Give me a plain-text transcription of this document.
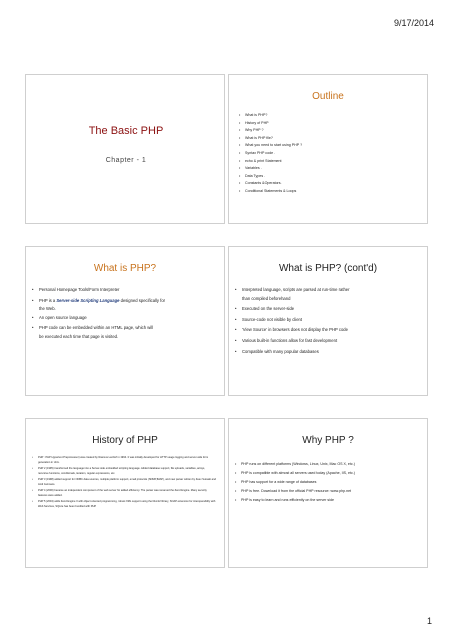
9/17/2014
The Basic PHP
Chapter - 1
Outline
• What is PHP?
• History of PHP
• Why PHP ?
• What is PHP file?
• What you need to start using PHP ?
• Syntax PHP code .
• echo & print Statement
• Variables .
• Data Types .
• Constants &Operators.
• Conditional Statements & Loops
What is PHP?
• Personal Homepage Tools/Form Interpreter
• PHP is a Server-side Scripting Language designed specifically for
the Web.
• An open source language
• PHP code can be embedded within an HTML page, which will
be executed each time that page is visited.
What is PHP? (cont'd)
• Interpreted language, scripts are parsed at run-time rather
than compiled beforehand
• Executed on the server-side
• Source-code not visible by client
• 'View Source' in browsers does not display the PHP code
• Various built-in functions allow for fast development
• Compatible with many popular databases
History of PHP
• PHP : PHP Hypertext Preprocessor) was created by Rasmus Lerdorf in 1994. It was initially developed for HTTP usage logging and server-side form generation in Unix.
• PHP 2 (1995) transformed the language into a Server-side embedded scripting language. Added database support, file uploads, variables, arrays, recursive functions, conditionals, iteration, regular expressions, etc.
• PHP 3 (1998) added support for ODBC data sources, multiple platform support, email protocols (SNMP,IMAP), and new parser written by Zeev Suraski and Andi Gutmans.
• PHP 4 (2000) became an independent component of the web server for added efficiency. The parser was renamed the Zend Engine. Many security features were added.
• PHP 5 (2004) adds Zend Engine II with object oriented programming, robust XML support using the libxml2 library, SOAP extension for interoperability with Web Services, SQLite has been bundled with PHP
Why PHP ?
• PHP runs on different platforms (Windows, Linux, Unix, Mac OS X, etc.)
• PHP is compatible with almost all servers used today (Apache, IIS, etc.)
• PHP has support for a wide range of databases
• PHP is free. Download it from the official PHP resource: www.php.net
• PHP is easy to learn and runs efficiently on the server side
1
